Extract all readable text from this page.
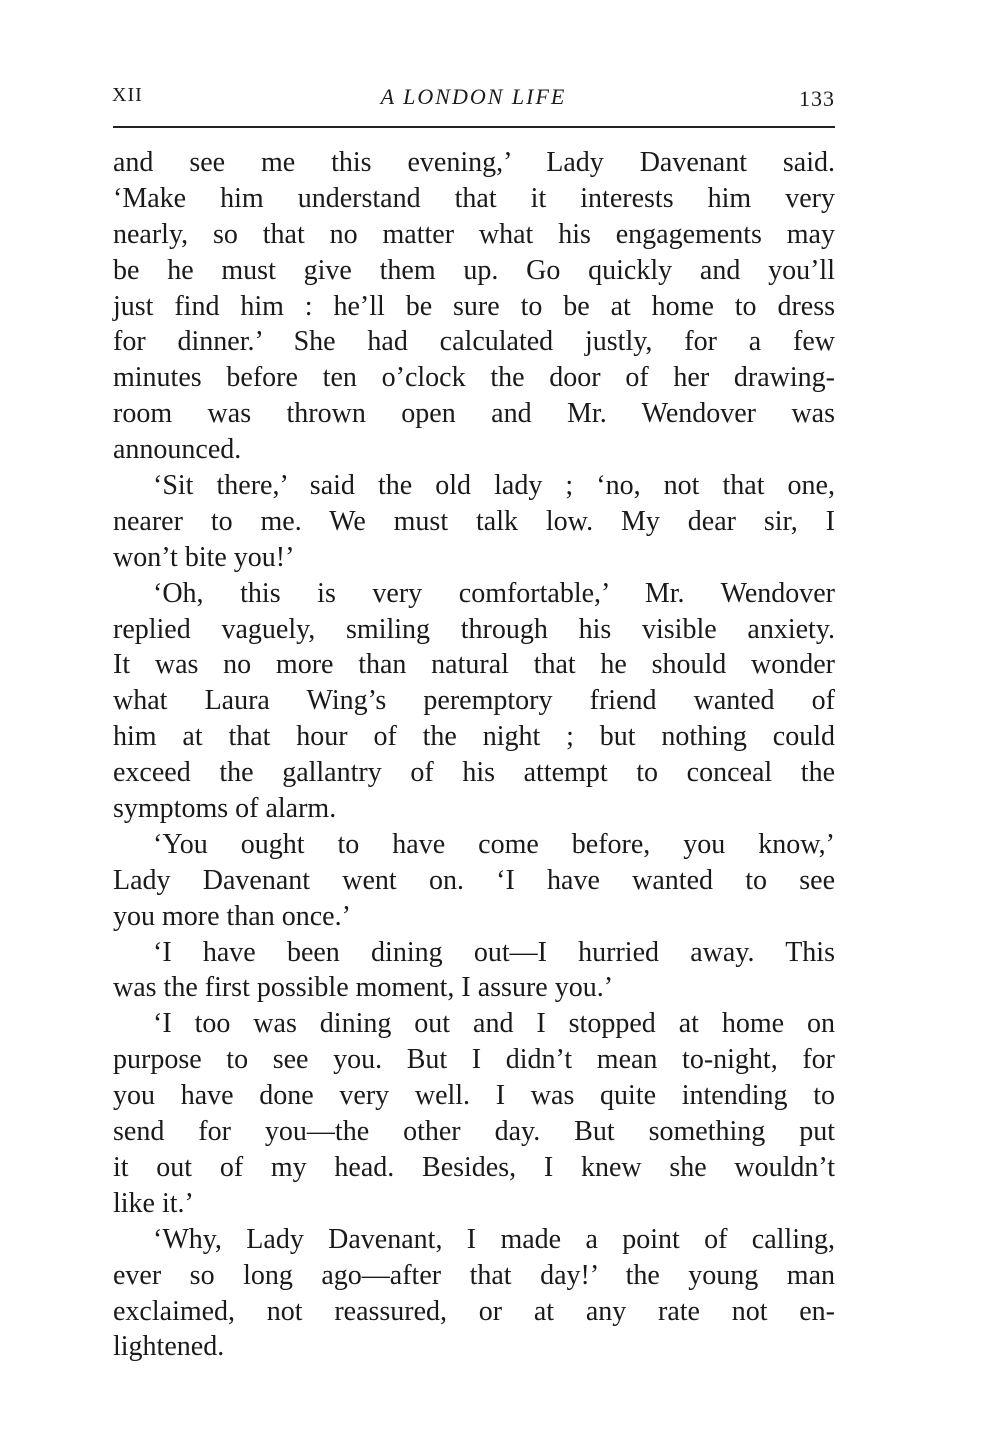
XII	A LONDON LIFE	133
and see me this evening,’ Lady Davenant said.
‘Make him understand that it interests him very
nearly, so that no matter what his engagements may
be he must give them up. Go quickly and you’ll
just find him : he’ll be sure to be at home to dress
for dinner.’ She had calculated justly, for a few
minutes before ten o’clock the door of her drawing-
room was thrown open and Mr. Wendover was
announced.
‘Sit there,’ said the old lady ; ‘no, not that one,
nearer to me. We must talk low. My dear sir, I
won’t bite you!’
‘Oh, this is very comfortable,’ Mr. Wendover
replied vaguely, smiling through his visible anxiety.
It was no more than natural that he should wonder
what Laura Wing’s peremptory friend wanted of
him at that hour of the night ; but nothing could
exceed the gallantry of his attempt to conceal the
symptoms of alarm.
‘You ought to have come before, you know,’
Lady Davenant went on. ‘I have wanted to see
you more than once.’
‘I have been dining out—I hurried away. This
was the first possible moment, I assure you.’
‘I too was dining out and I stopped at home on
purpose to see you. But I didn’t mean to-night, for
you have done very well. I was quite intending to
send for you—the other day. But something put
it out of my head. Besides, I knew she wouldn’t
like it.’
‘Why, Lady Davenant, I made a point of calling,
ever so long ago—after that day!’ the young man
exclaimed, not reassured, or at any rate not en-
lightened.
